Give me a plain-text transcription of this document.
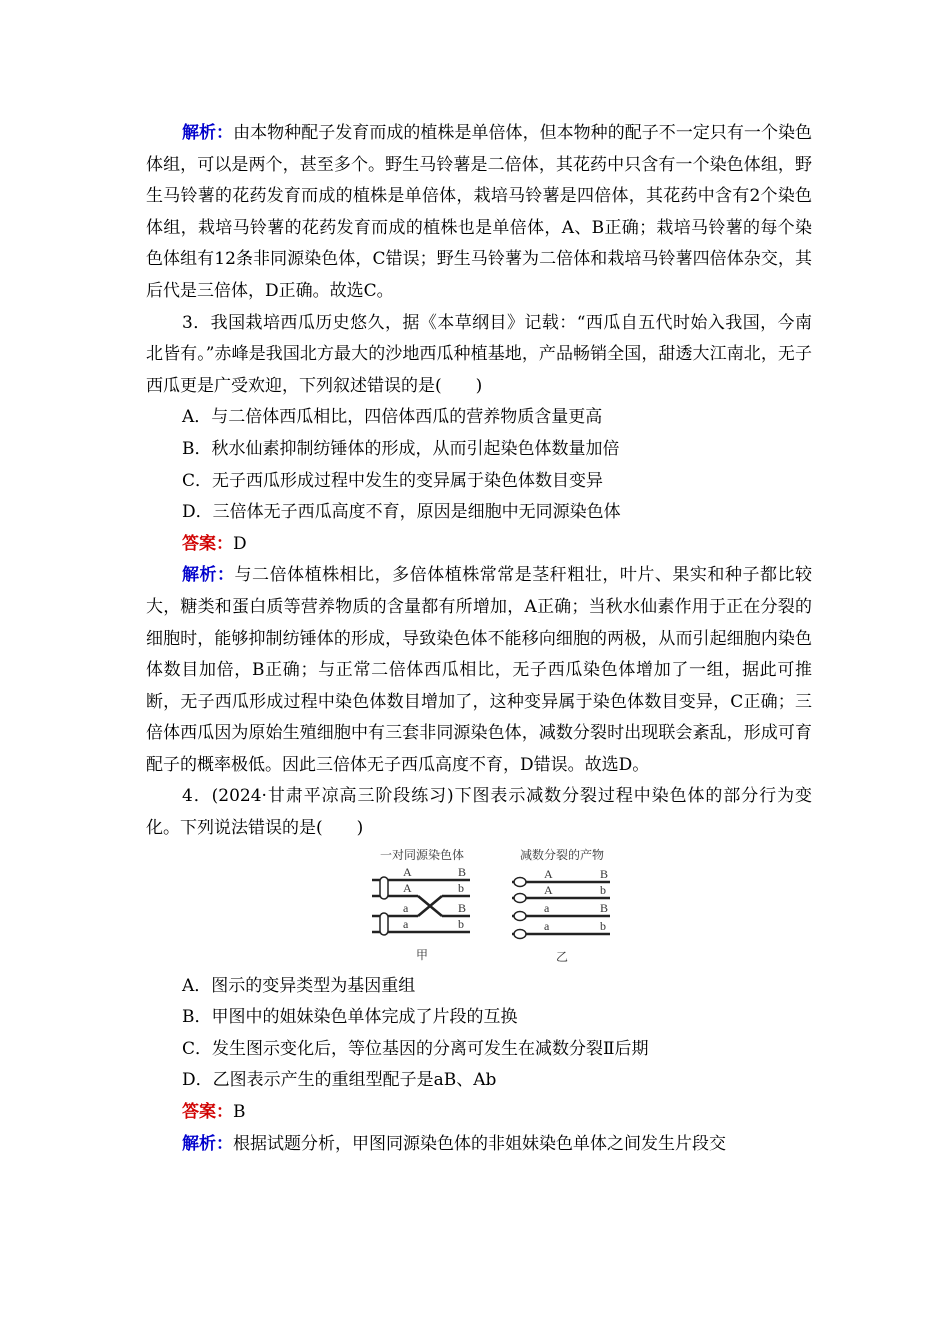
解析：由本物种配子发育而成的植株是单倍体，但本物种的配子不一定只有一个染色体组，可以是两个，甚至多个。野生马铃薯是二倍体，其花药中只含有一个染色体组，野生马铃薯的花药发育而成的植株是单倍体，栽培马铃薯是四倍体，其花药中含有2个染色体组，栽培马铃薯的花药发育而成的植株也是单倍体，A、B正确；栽培马铃薯的每个染色体组有12条非同源染色体，C错误；野生马铃薯为二倍体和栽培马铃薯四倍体杂交，其后代是三倍体，D正确。故选C。

3．我国栽培西瓜历史悠久，据《本草纲目》记载：“西瓜自五代时始入我国，今南北皆有。”赤峰是我国北方最大的沙地西瓜种植基地，产品畅销全国，甜透大江南北，无子西瓜更是广受欢迎，下列叙述错误的是(　　)

A．与二倍体西瓜相比，四倍体西瓜的营养物质含量更高

B．秋水仙素抑制纺锤体的形成，从而引起染色体数量加倍

C．无子西瓜形成过程中发生的变异属于染色体数目变异

D．三倍体无子西瓜高度不育，原因是细胞中无同源染色体

答案：D

解析：与二倍体植株相比，多倍体植株常常是茎秆粗壮，叶片、果实和种子都比较大，糖类和蛋白质等营养物质的含量都有所增加，A正确；当秋水仙素作用于正在分裂的细胞时，能够抑制纺锤体的形成，导致染色体不能移向细胞的两极，从而引起细胞内染色体数目加倍，B正确；与正常二倍体西瓜相比，无子西瓜染色体增加了一组，据此可推断，无子西瓜形成过程中染色体数目增加了，这种变异属于染色体数目变异，C正确；三倍体西瓜因为原始生殖细胞中有三套非同源染色体，减数分裂时出现联会紊乱，形成可育配子的概率极低。因此三倍体无子西瓜高度不育，D错误。故选D。

4．(2024·甘肃平凉高三阶段练习)下图表示减数分裂过程中染色体的部分行为变化。下列说法错误的是(　　)

一对同源染色体	减数分裂的产物
A	B
A	b
a	B
a	b
A	B
A	b
a	B
a	b
甲	乙

A．图示的变异类型为基因重组

B．甲图中的姐妹染色单体完成了片段的互换

C．发生图示变化后，等位基因的分离可发生在减数分裂Ⅱ后期

D．乙图表示产生的重组型配子是aB、Ab

答案：B

解析：根据试题分析，甲图同源染色体的非姐妹染色单体之间发生片段交
